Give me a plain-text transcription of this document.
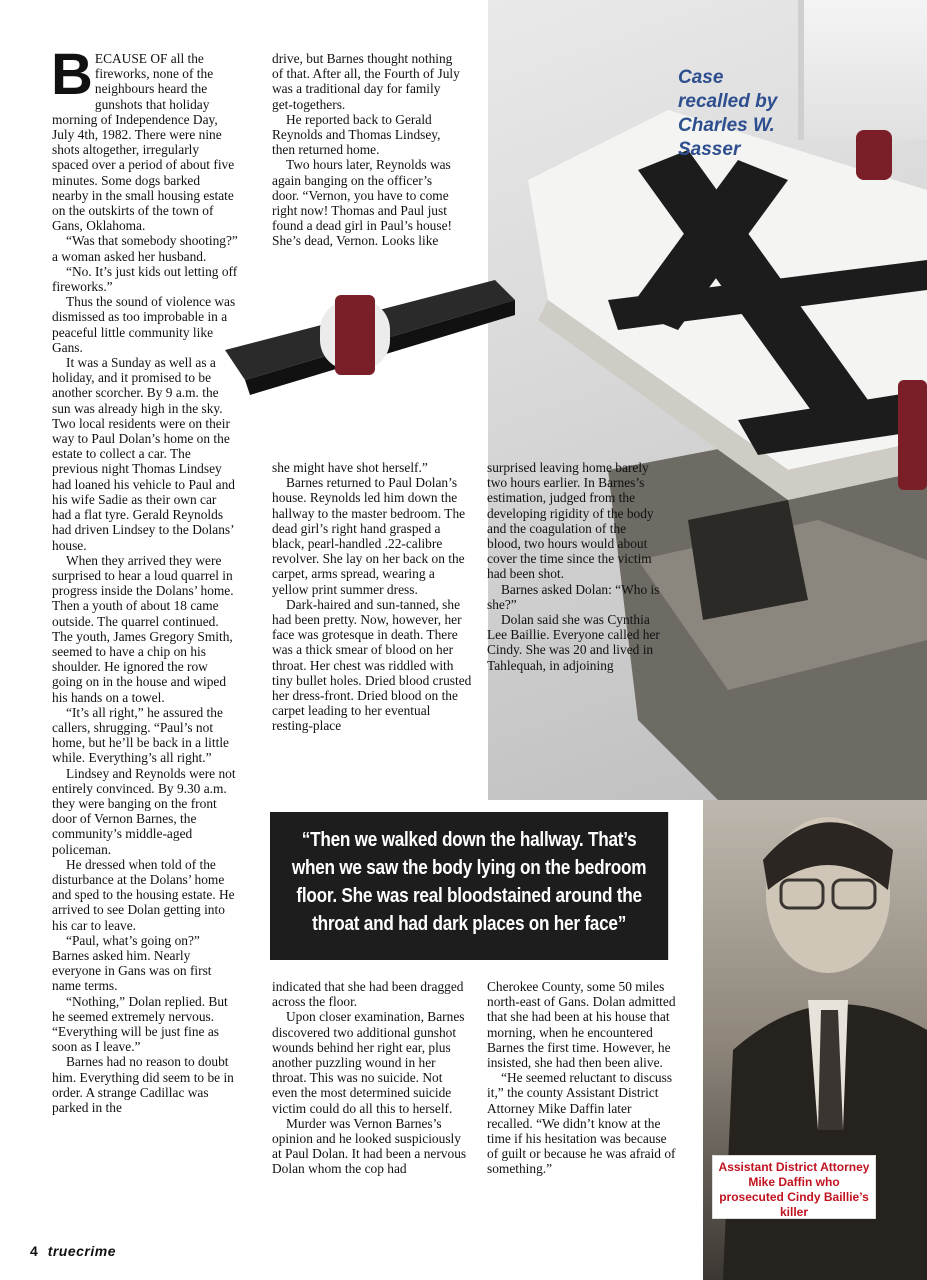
Case recalled by Charles W. Sasser

BECAUSE OF all the fireworks, none of the neighbours heard the gunshots that holiday morning of Independence Day, July 4th, 1982. There were nine shots altogether, irregularly spaced over a period of about five minutes. Some dogs barked nearby in the small housing estate on the outskirts of the town of Gans, Oklahoma.

“Was that somebody shooting?” a woman asked her husband.

“No. It’s just kids out letting off fireworks.”

Thus the sound of violence was dismissed as too improbable in a peaceful little community like Gans.

It was a Sunday as well as a holiday, and it promised to be another scorcher. By 9 a.m. the sun was already high in the sky. Two local residents were on their way to Paul Dolan’s home on the estate to collect a car. The previous night Thomas Lindsey had loaned his vehicle to Paul and his wife Sadie as their own car had a flat tyre. Gerald Reynolds had driven Lindsey to the Dolans’ house.

When they arrived they were surprised to hear a loud quarrel in progress inside the Dolans’ home. Then a youth of about 18 came outside. The quarrel continued. The youth, James Gregory Smith, seemed to have a chip on his shoulder. He ignored the row going on in the house and wiped his hands on a towel.

“It’s all right,” he assured the callers, shrugging. “Paul’s not home, but he’ll be back in a little while. Everything’s all right.”

Lindsey and Reynolds were not entirely convinced. By 9.30 a.m. they were banging on the front door of Vernon Barnes, the community’s middle-aged policeman.

He dressed when told of the disturbance at the Dolans’ home and sped to the housing estate. He arrived to see Dolan getting into his car to leave.

“Paul, what’s going on?” Barnes asked him. Nearly everyone in Gans was on first name terms.

“Nothing,” Dolan replied. But he seemed extremely nervous. “Everything will be just fine as soon as I leave.”

Barnes had no reason to doubt him. Everything did seem to be in order. A strange Cadillac was parked in the

drive, but Barnes thought nothing of that. After all, the Fourth of July was a traditional day for family get-togethers.

He reported back to Gerald Reynolds and Thomas Lindsey, then returned home.

Two hours later, Reynolds was again banging on the officer’s door. “Vernon, you have to come right now! Thomas and Paul just found a dead girl in Paul’s house! She’s dead, Vernon. Looks like

she might have shot herself.”

Barnes returned to Paul Dolan’s house. Reynolds led him down the hallway to the master bedroom. The dead girl’s right hand grasped a black, pearl-handled .22-calibre revolver. She lay on her back on the carpet, arms spread, wearing a yellow print summer dress.

Dark-haired and sun-tanned, she had been pretty. Now, however, her face was grotesque in death. There was a thick smear of blood on her throat. Her chest was riddled with tiny bullet holes. Dried blood crusted her dress-front. Dried blood on the carpet leading to her eventual resting-place

surprised leaving home barely two hours earlier. In Barnes’s estimation, judged from the developing rigidity of the body and the coagulation of the blood, two hours would about cover the time since the victim had been shot.

Barnes asked Dolan: “Who is she?”

Dolan said she was Cynthia Lee Baillie. Everyone called her Cindy. She was 20 and lived in Tahlequah, in adjoining

“Then we walked down the hallway. That’s when we saw the body lying on the bedroom floor. She was real bloodstained around the throat and had dark places on her face”

indicated that she had been dragged across the floor.

Upon closer examination, Barnes discovered two additional gunshot wounds behind her right ear, plus another puzzling wound in her throat. This was no suicide. Not even the most determined suicide victim could do all this to herself.

Murder was Vernon Barnes’s opinion and he looked suspiciously at Paul Dolan. It had been a nervous Dolan whom the cop had

Cherokee County, some 50 miles north-east of Gans. Dolan admitted that she had been at his house that morning, when he encountered Barnes the first time. However, he insisted, she had then been alive.

“He seemed reluctant to discuss it,” the county Assistant District Attorney Mike Daffin later recalled. “We didn’t know at the time if his hesitation was because of guilt or because he was afraid of something.”	Assistant District Attorney Mike Daffin who prosecuted Cindy Baillie’s killer
4 truecrime
